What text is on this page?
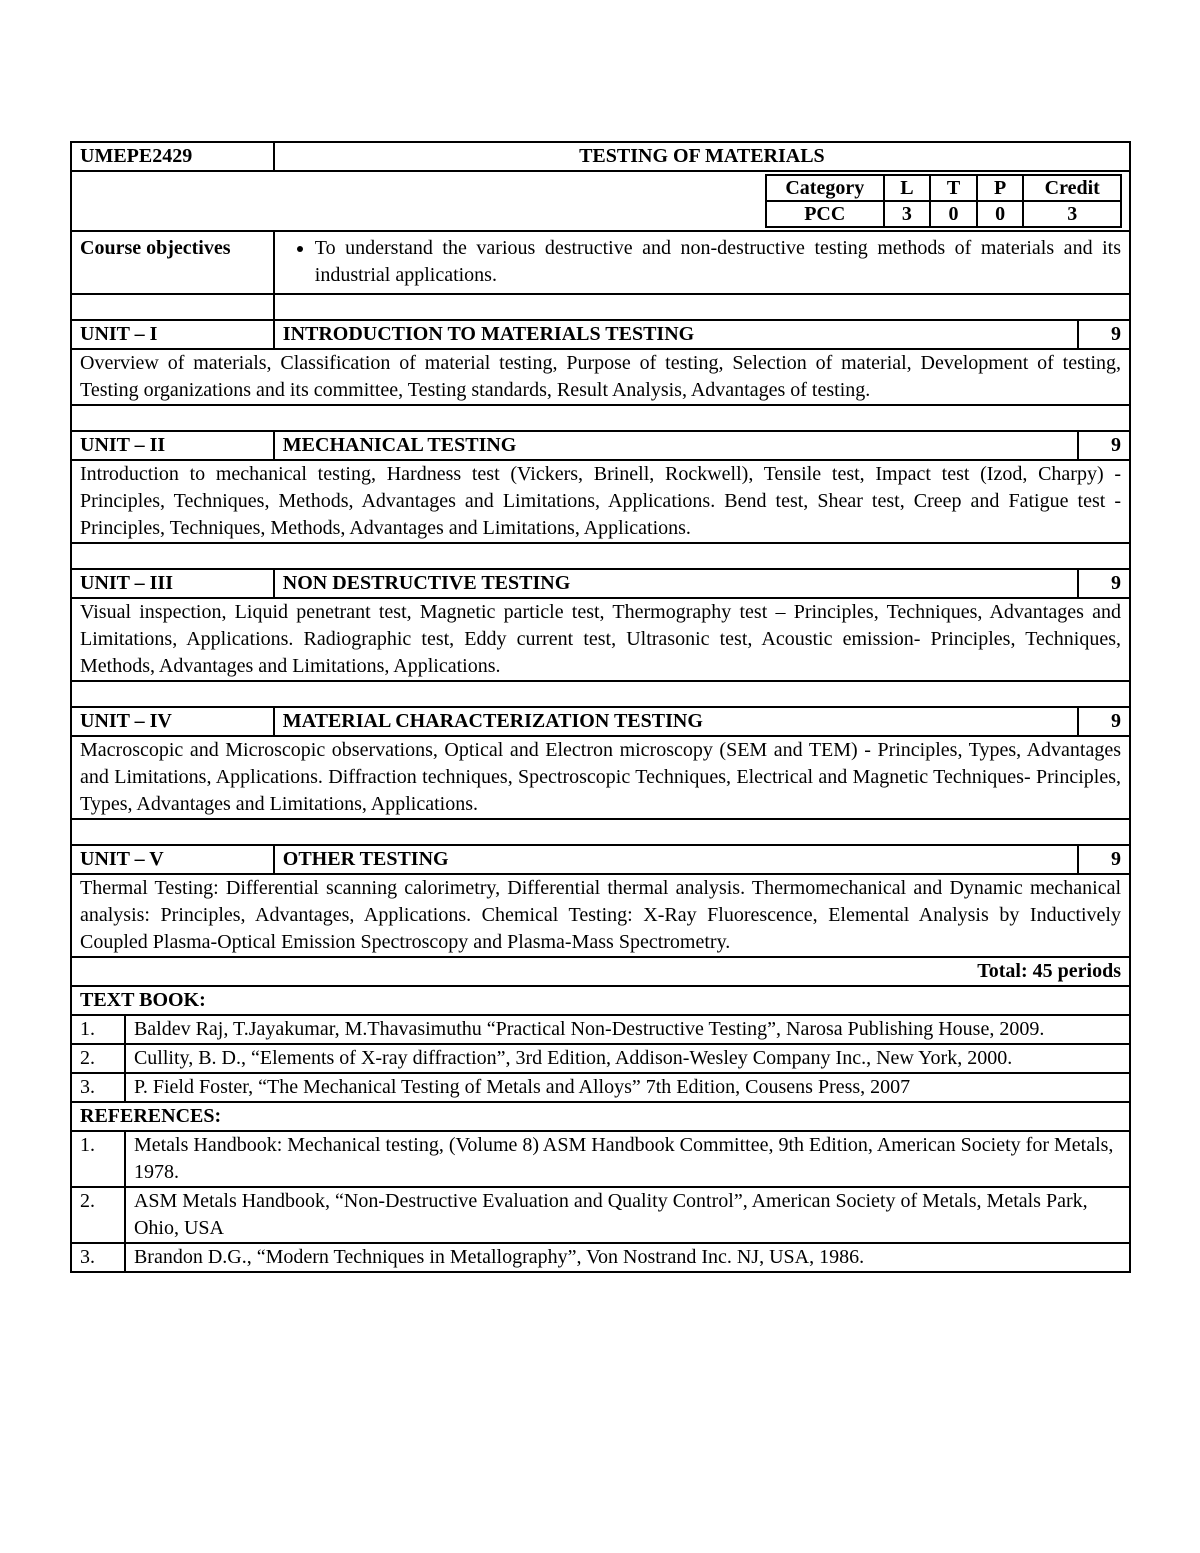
UMEPE2429	TESTING OF MATERIALS

Category	L	T	P	Credit
PCC	3	0	0	3

Course objectives	
•To understand the various destructive and non-destructive testing methods of materials and its industrial applications.

UNIT – I	INTRODUCTION TO MATERIALS TESTING	9
Overview of materials, Classification of material testing, Purpose of testing, Selection of material, Development of testing, Testing organizations and its committee, Testing standards, Result Analysis, Advantages of testing.

UNIT – II	MECHANICAL TESTING	9
Introduction to mechanical testing, Hardness test (Vickers, Brinell, Rockwell), Tensile test, Impact test (Izod, Charpy) - Principles, Techniques, Methods, Advantages and Limitations, Applications. Bend test, Shear test, Creep and Fatigue test - Principles, Techniques, Methods, Advantages and Limitations, Applications.

UNIT – III	NON DESTRUCTIVE TESTING	9
Visual inspection, Liquid penetrant test, Magnetic particle test, Thermography test – Principles, Techniques, Advantages and Limitations, Applications. Radiographic test, Eddy current test, Ultrasonic test, Acoustic emission- Principles, Techniques, Methods, Advantages and Limitations, Applications.

UNIT – IV	MATERIAL CHARACTERIZATION TESTING	9
Macroscopic and Microscopic observations, Optical and Electron microscopy (SEM and TEM) - Principles, Types, Advantages and Limitations, Applications. Diffraction techniques, Spectroscopic Techniques, Electrical and Magnetic Techniques- Principles, Types, Advantages and Limitations, Applications.

UNIT – V	OTHER TESTING	9
Thermal Testing: Differential scanning calorimetry, Differential thermal analysis. Thermomechanical and Dynamic mechanical analysis: Principles, Advantages, Applications. Chemical Testing: X-Ray Fluorescence, Elemental Analysis by Inductively Coupled Plasma-Optical Emission Spectroscopy and Plasma-Mass Spectrometry.
Total: 45 periods
TEXT BOOK:	
1.	Baldev Raj, T.Jayakumar, M.Thavasimuthu “Practical Non-Destructive Testing”, Narosa Publishing House, 2009.
2.	Cullity, B. D., “Elements of X-ray diffraction”, 3rd Edition, Addison-Wesley Company Inc., New York, 2000.
3.	P. Field Foster, “The Mechanical Testing of Metals and Alloys” 7th Edition, Cousens Press, 2007
REFERENCES:	
1.	Metals Handbook: Mechanical testing, (Volume 8) ASM Handbook Committee, 9th Edition, American Society for Metals, 1978.
2.	ASM Metals Handbook, “Non-Destructive Evaluation and Quality Control”, American Society of Metals, Metals Park, Ohio, USA
3.	Brandon D.G., “Modern Techniques in Metallography”, Von Nostrand Inc. NJ, USA, 1986.
